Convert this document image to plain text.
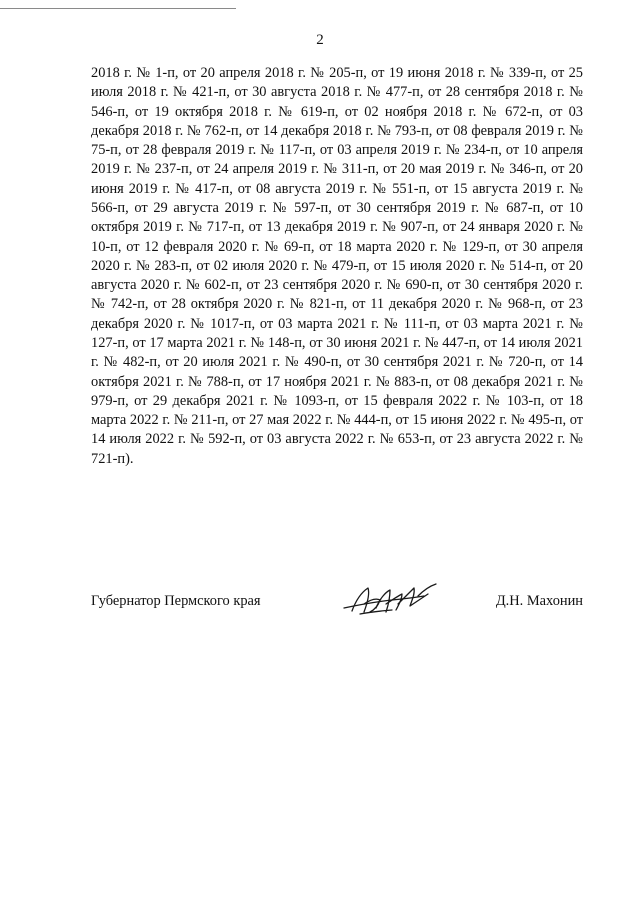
2

2018 г. № 1-п, от 20 апреля 2018 г. № 205-п, от 19 июня 2018 г. № 339-п, от 25 июля 2018 г. № 421-п, от 30 августа 2018 г. № 477-п, от 28 сентября 2018 г. № 546-п, от 19 октября 2018 г. № 619-п, от 02 ноября 2018 г. № 672-п, от 03 декабря 2018 г. № 762-п, от 14 декабря 2018 г. № 793-п, от 08 февраля 2019 г. № 75-п, от 28 февраля 2019 г. № 117-п, от 03 апреля 2019 г. № 234-п, от 10 апреля 2019 г. № 237-п, от 24 апреля 2019 г. № 311-п, от 20 мая 2019 г. № 346-п, от 20 июня 2019 г. № 417-п, от 08 августа 2019 г. № 551-п, от 15 августа 2019 г. № 566-п, от 29 августа 2019 г. № 597-п, от 30 сентября 2019 г. № 687-п, от 10 октября 2019 г. № 717-п, от 13 декабря 2019 г. № 907-п, от 24 января 2020 г. № 10-п, от 12 февраля 2020 г. № 69-п, от 18 марта 2020 г. № 129-п, от 30 апреля 2020 г. № 283-п, от 02 июля 2020 г. № 479-п, от 15 июля 2020 г. № 514-п, от 20 августа 2020 г. № 602-п, от 23 сентября 2020 г. № 690-п, от 30 сентября 2020 г. № 742-п, от 28 октября 2020 г. № 821-п, от 11 декабря 2020 г. № 968-п, от 23 декабря 2020 г. № 1017-п, от 03 марта 2021 г. № 111-п, от 03 марта 2021 г. № 127-п, от 17 марта 2021 г. № 148-п, от 30 июня 2021 г. № 447-п, от 14 июля 2021 г. № 482-п, от 20 июля 2021 г. № 490-п, от 30 сентября 2021 г. № 720-п, от 14 октября 2021 г. № 788-п, от 17 ноября 2021 г. № 883-п, от 08 декабря 2021 г. № 979-п, от 29 декабря 2021 г. № 1093-п, от 15 февраля 2022 г. № 103-п, от 18 марта 2022 г. № 211-п, от 27 мая 2022 г. № 444-п, от 15 июня 2022 г. № 495-п, от 14 июля 2022 г. № 592-п, от 03 августа 2022 г. № 653-п, от 23 августа 2022 г. № 721-п).

Губернатор Пермского края	Д.Н. Махонин
